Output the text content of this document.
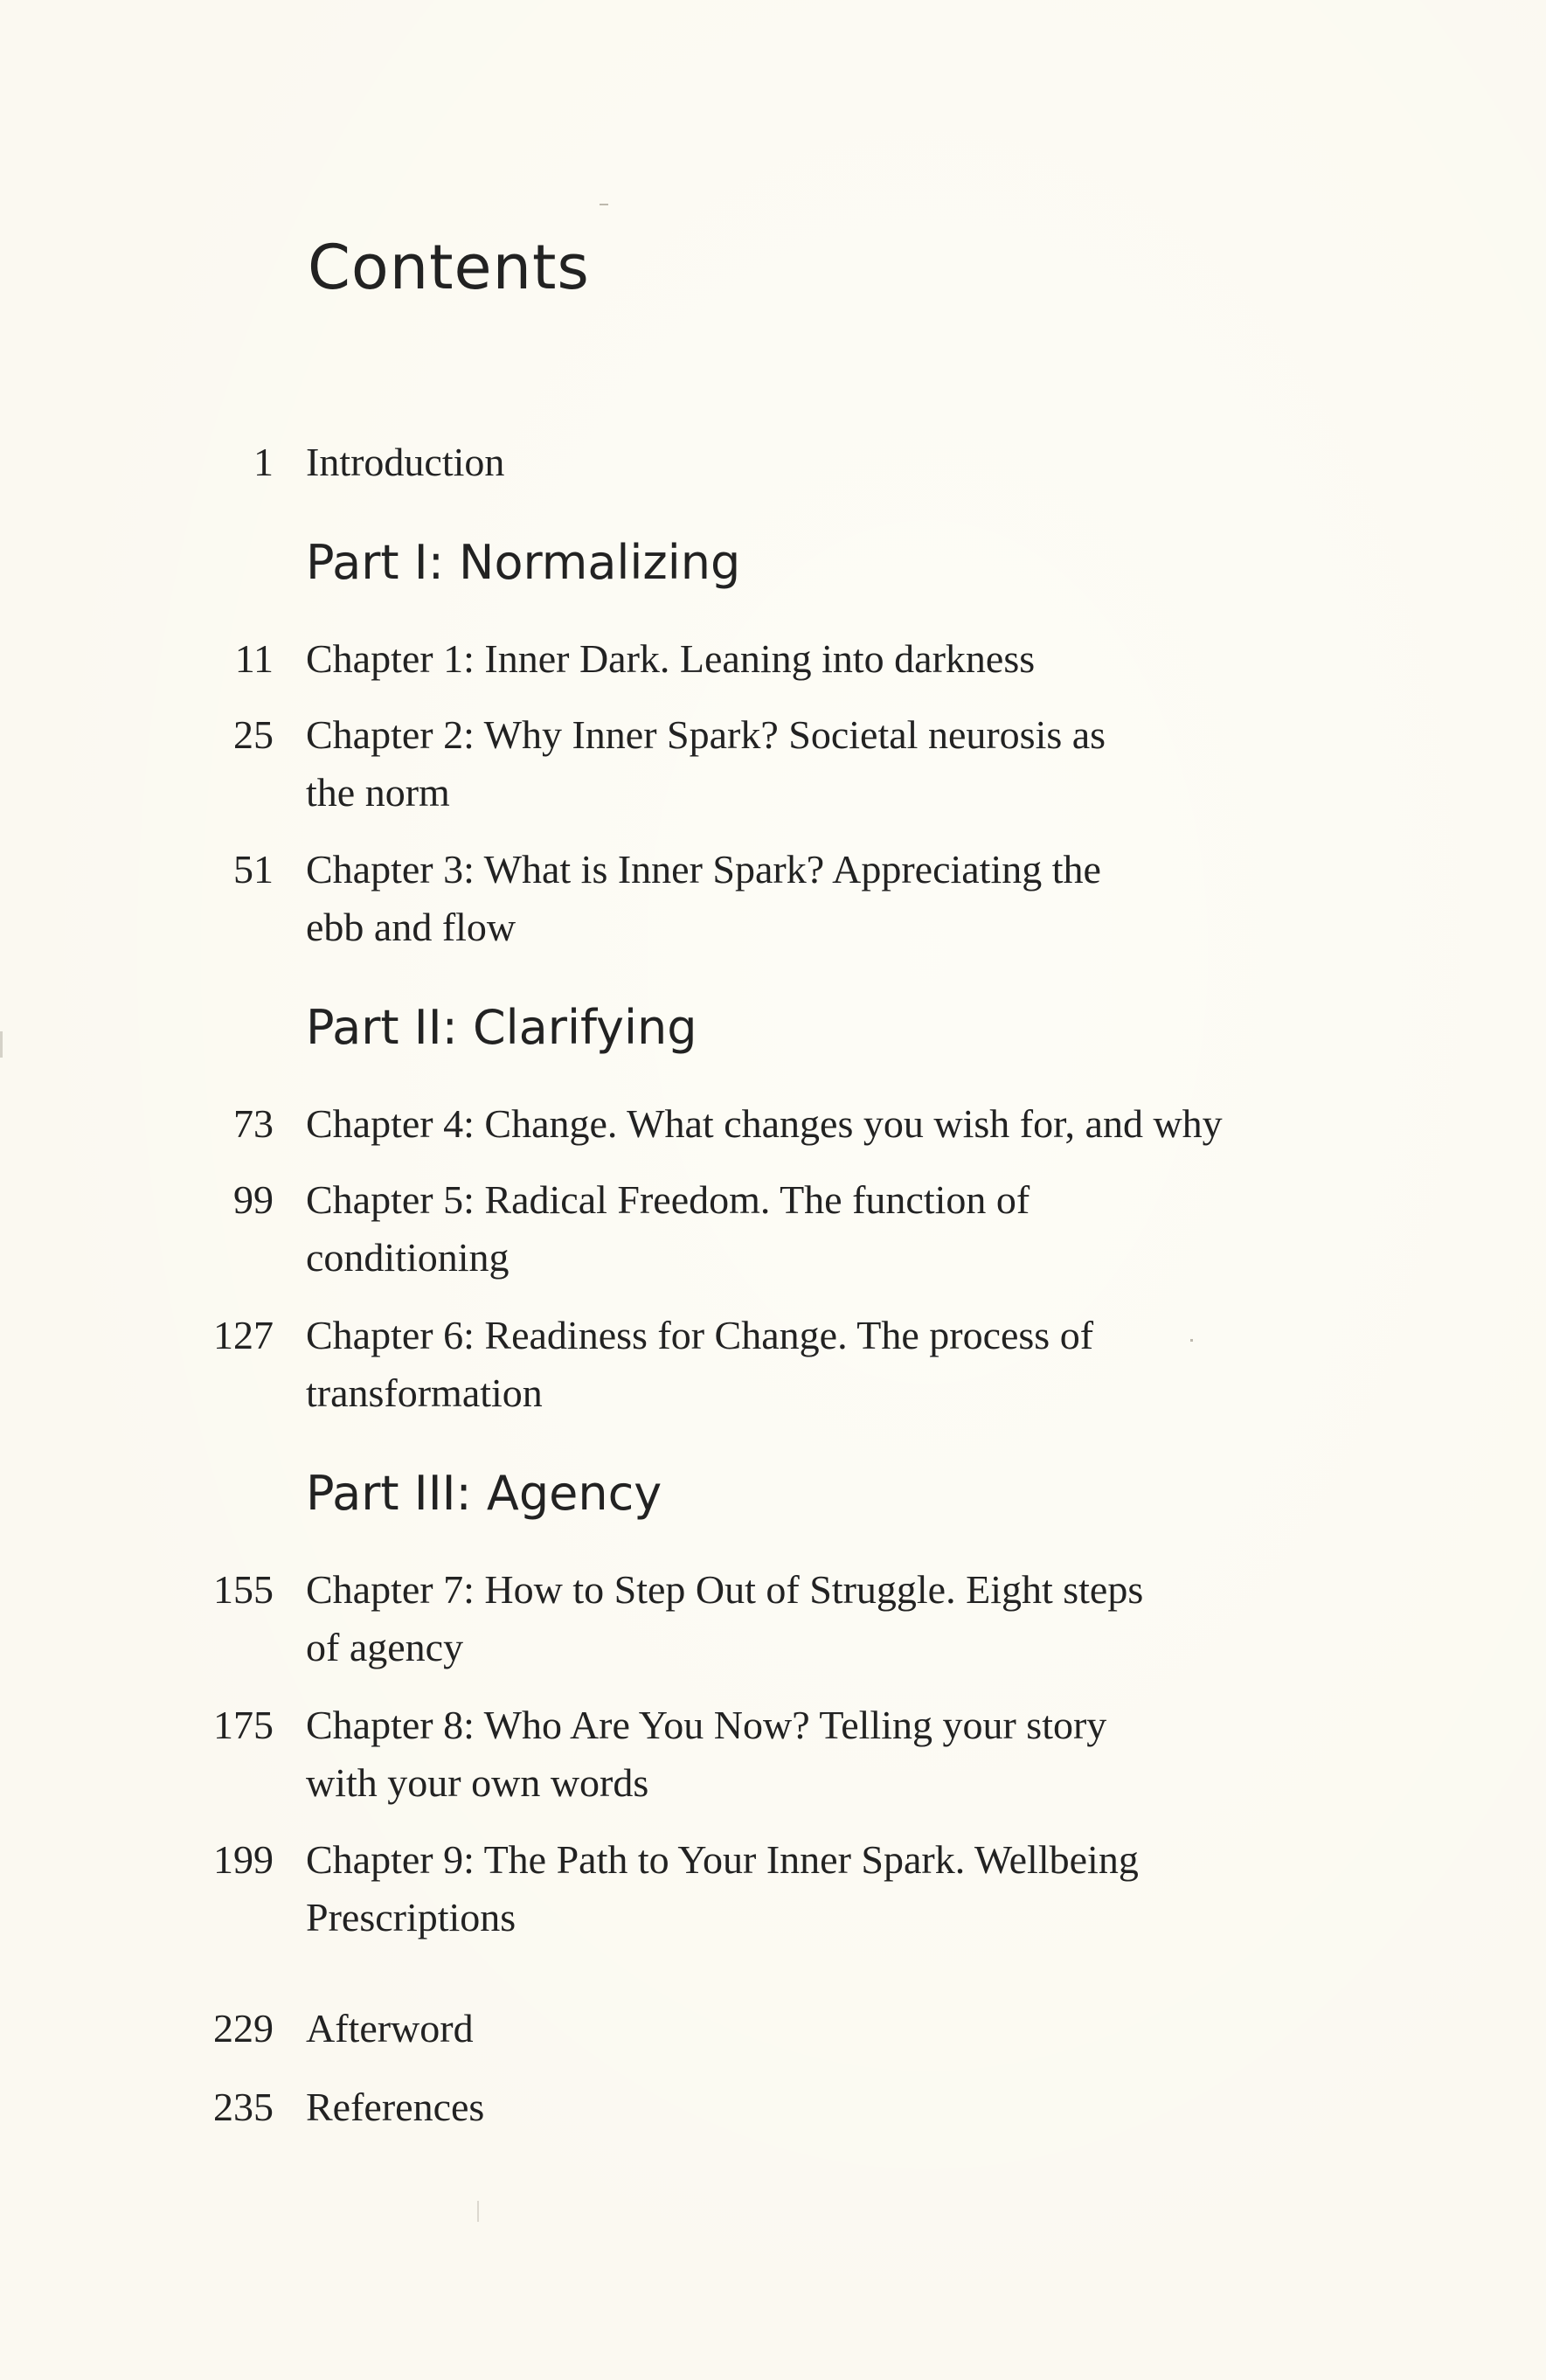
Contents
1 Introduction
Part I: Normalizing
11 Chapter 1: Inner Dark. Leaning into darkness
25 Chapter 2: Why Inner Spark? Societal neurosis as
the norm
51 Chapter 3: What is Inner Spark? Appreciating the
ebb and flow
Part II: Clarifying
73 Chapter 4: Change. What changes you wish for, and why
99 Chapter 5: Radical Freedom. The function of
conditioning
127 Chapter 6: Readiness for Change. The process of
transformation
Part III: Agency
155 Chapter 7: How to Step Out of Struggle. Eight steps
of agency
175 Chapter 8: Who Are You Now? Telling your story
with your own words
199 Chapter 9: The Path to Your Inner Spark. Wellbeing
Prescriptions
229 Afterword
235 References
